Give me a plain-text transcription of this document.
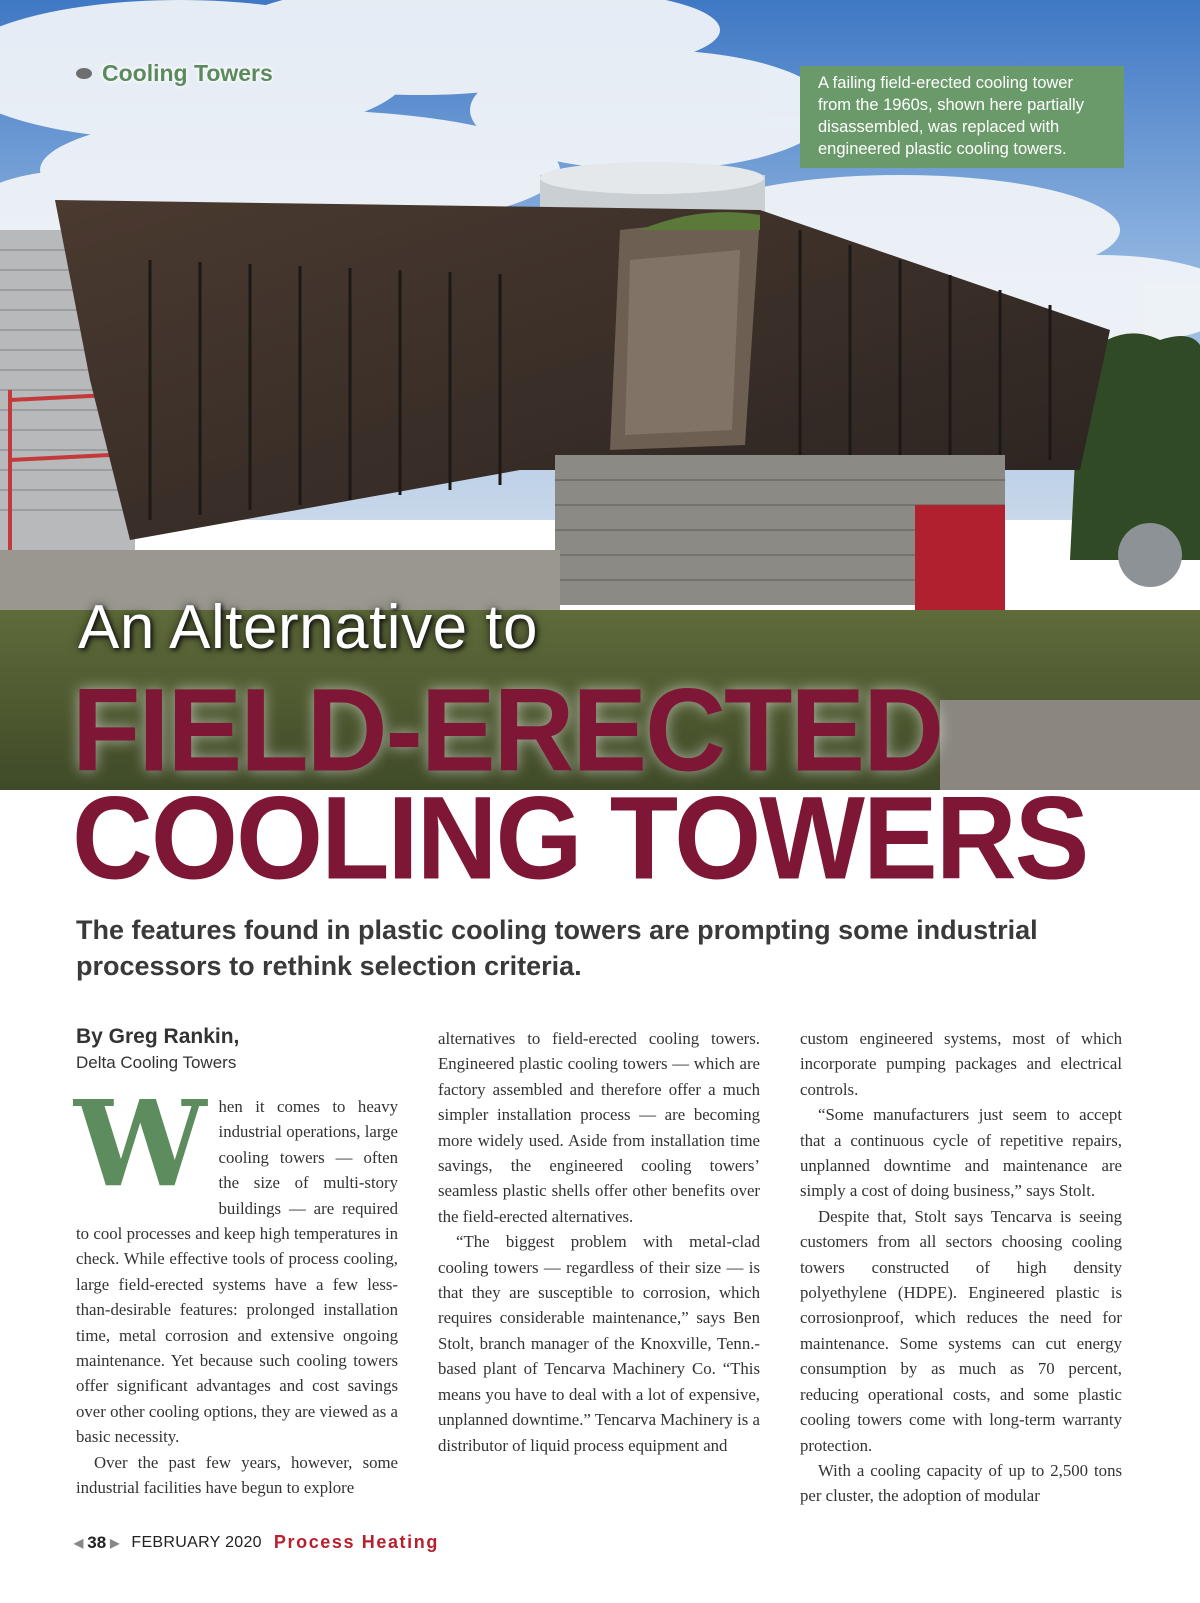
Cooling Towers	A failing field-erected cooling tower from the 1960s, shown here partially disassembled, was replaced with engineered plastic cooling towers.

An Alternative to
FIELD-ERECTED
COOLING TOWERS

The features found in plastic cooling towers are prompting some industrial processors to rethink selection criteria.

By Greg Rankin,
Delta Cooling Towers

When it comes to heavy industrial operations, large cooling towers — often the size of multi-story buildings — are required to cool processes and keep high temperatures in check. While effective tools of process cooling, large field-erected systems have a few less-than-desirable features: prolonged installation time, metal corrosion and extensive ongoing maintenance. Yet because such cooling towers offer significant advantages and cost savings over other cooling options, they are viewed as a basic necessity.

Over the past few years, however, some industrial facilities have begun to explore

alternatives to field-erected cooling towers. Engineered plastic cooling towers — which are factory assembled and therefore offer a much simpler installation process — are becoming more widely used. Aside from installation time savings, the engineered cooling towers’ seamless plastic shells offer other benefits over the field-erected alternatives.

“The biggest problem with metal-clad cooling towers — regardless of their size — is that they are susceptible to corrosion, which requires considerable maintenance,” says Ben Stolt, branch manager of the Knoxville, Tenn.-based plant of Tencarva Machinery Co. “This means you have to deal with a lot of expensive, unplanned downtime.” Tencarva Machinery is a distributor of liquid process equipment and

custom engineered systems, most of which incorporate pumping packages and electrical controls.

“Some manufacturers just seem to accept that a continuous cycle of repetitive repairs, unplanned downtime and maintenance are simply a cost of doing business,” says Stolt.

Despite that, Stolt says Tencarva is seeing customers from all sectors choosing cooling towers constructed of high density polyethylene (HDPE). Engineered plastic is corrosionproof, which reduces the need for maintenance. Some systems can cut energy consumption by as much as 70 percent, reducing operational costs, and some plastic cooling towers come with long-term warranty protection.

With a cooling capacity of up to 2,500 tons per cluster, the adoption of modular

◀ 38 ▶ FEBRUARY 2020 Process Heating
